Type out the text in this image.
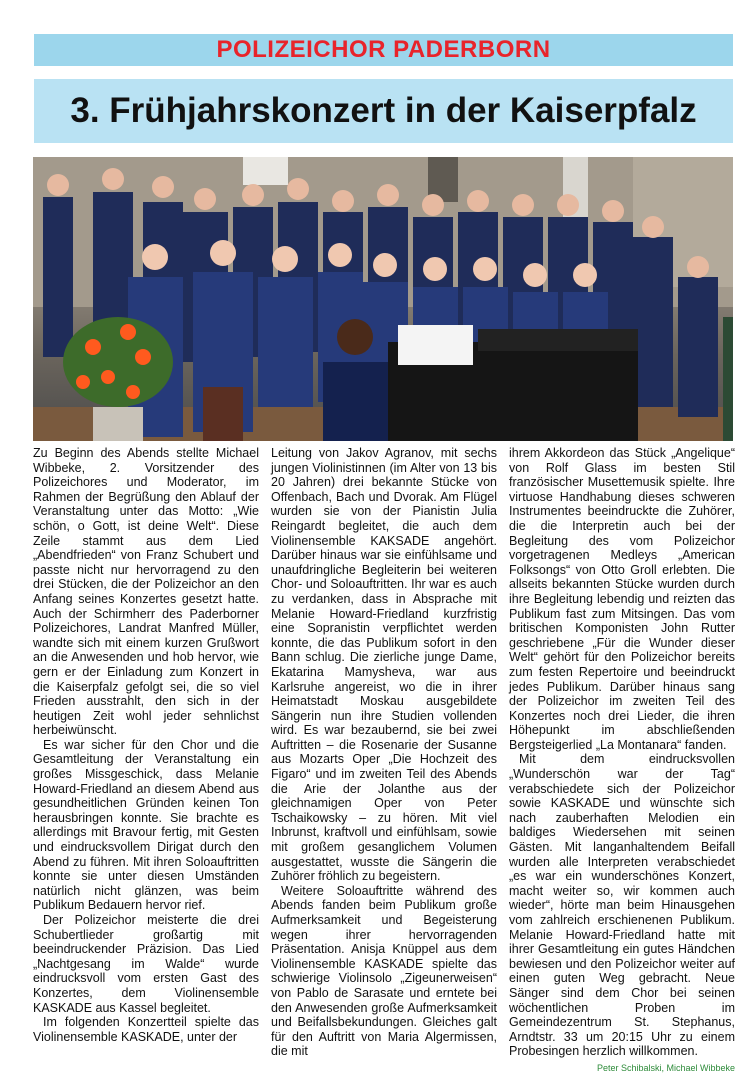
POLIZEICHOR PADERBORN
3. Frühjahrskonzert in der Kaiserpfalz

Zu Beginn des Abends stellte Michael Wibbeke, 2. Vorsitzender des Polizeichores und Moderator, im Rahmen der Begrüßung den Ablauf der Veranstaltung unter das Motto: „Wie schön, o Gott, ist deine Welt“. Diese Zeile stammt aus dem Lied „Abendfrieden“ von Franz Schubert und passte nicht nur hervorragend zu den drei Stücken, die der Polizeichor an den Anfang seines Konzertes gesetzt hatte. Auch der Schirmherr des Paderborner Polizeichores, Landrat Manfred Müller, wandte sich mit einem kurzen Grußwort an die Anwesenden und hob hervor, wie gern er der Einladung zum Konzert in die Kaiserpfalz gefolgt sei, die so viel Frieden ausstrahlt, den sich in der heutigen Zeit wohl jeder sehnlichst herbeiwünscht.

Es war sicher für den Chor und die Gesamtleitung der Veranstaltung ein großes Missgeschick, dass Melanie Howard-Friedland an diesem Abend aus gesundheitlichen Gründen keinen Ton herausbringen konnte. Sie brachte es allerdings mit Bravour fertig, mit Gesten und eindrucksvollem Dirigat durch den Abend zu führen. Mit ihren Soloauftritten konnte sie unter diesen Umständen natürlich nicht glänzen, was beim Publikum Bedauern hervor rief.

Der Polizeichor meisterte die drei Schubertlieder großartig mit beeindruckender Präzision. Das Lied „Nachtgesang im Walde“ wurde eindrucksvoll vom ersten Gast des Konzertes, dem Violinensemble KASKADE aus Kassel begleitet.

Im folgenden Konzertteil spielte das Violinensemble KASKADE, unter der

Leitung von Jakov Agranov, mit sechs jungen Violinistinnen (im Alter von 13 bis 20 Jahren) drei bekannte Stücke von Offenbach, Bach und Dvorak. Am Flügel wurden sie von der Pianistin Julia Reingardt begleitet, die auch dem Violinensemble KAKSADE angehört. Darüber hinaus war sie einfühlsame und unaufdringliche Begleiterin bei weiteren Chor- und Soloauftritten. Ihr war es auch zu verdanken, dass in Absprache mit Melanie Howard-Friedland kurzfristig eine Sopranistin verpflichtet werden konnte, die das Publikum sofort in den Bann schlug. Die zierliche junge Dame, Ekatarina Mamysheva, war aus Karlsruhe angereist, wo die in ihrer Heimatstadt Moskau ausgebildete Sängerin nun ihre Studien vollenden wird. Es war bezaubernd, sie bei zwei Auftritten – die Rosenarie der Susanne aus Mozarts Oper „Die Hochzeit des Figaro“ und im zweiten Teil des Abends die Arie der Jolanthe aus der gleichnamigen Oper von Peter Tschaikowsky – zu hören. Mit viel Inbrunst, kraftvoll und einfühlsam, sowie mit großem gesanglichem Volumen ausgestattet, wusste die Sängerin die Zuhörer fröhlich zu begeistern.

Weitere Soloauftritte während des Abends fanden beim Publikum große Aufmerksamkeit und Begeisterung wegen ihrer hervorragenden Präsentation. Anisja Knüppel aus dem Violinensemble KASKADE spielte das schwierige Violinsolo „Zigeunerweisen“ von Pablo de Sarasate und erntete bei den Anwesenden große Aufmerksamkeit und Beifallsbekundungen. Gleiches galt für den Auftritt von Maria Algermissen, die mit

ihrem Akkordeon das Stück „Angelique“ von Rolf Glass im besten Stil französischer Musettemusik spielte. Ihre virtuose Handhabung dieses schweren Instrumentes beeindruckte die Zuhörer, die die Interpretin auch bei der Begleitung des vom Polizeichor vorgetragenen Medleys „American Folksongs“ von Otto Groll erlebten. Die allseits bekannten Stücke wurden durch ihre Begleitung lebendig und reizten das Publikum fast zum Mitsingen. Das vom britischen Komponisten John Rutter geschriebene „Für die Wunder dieser Welt“ gehört für den Polizeichor bereits zum festen Repertoire und beeindruckt jedes Publikum. Darüber hinaus sang der Polizeichor im zweiten Teil des Konzertes noch drei Lieder, die ihren Höhepunkt im abschließenden Bergsteigerlied „La Montanara“ fanden.

Mit dem eindrucksvollen „Wunderschön war der Tag“ verabschiedete sich der Polizeichor sowie KASKADE und wünschte sich nach zauberhaften Melodien ein baldiges Wiedersehen mit seinen Gästen. Mit langanhaltendem Beifall wurden alle Interpreten verabschiedet „es war ein wunderschönes Konzert, macht weiter so, wir kommen auch wieder“, hörte man beim Hinausgehen vom zahlreich erschienenen Publikum. Melanie Howard-Friedland hatte mit ihrer Gesamtleitung ein gutes Händchen bewiesen und den Polizeichor weiter auf einen guten Weg gebracht. Neue Sänger sind dem Chor bei seinen wöchentlichen Proben im Gemeindezentrum St. Stephanus, Arndtstr. 33 um 20:15 Uhr zu einem Probesingen herzlich willkommen.

Peter Schibalski, Michael Wibbeke
